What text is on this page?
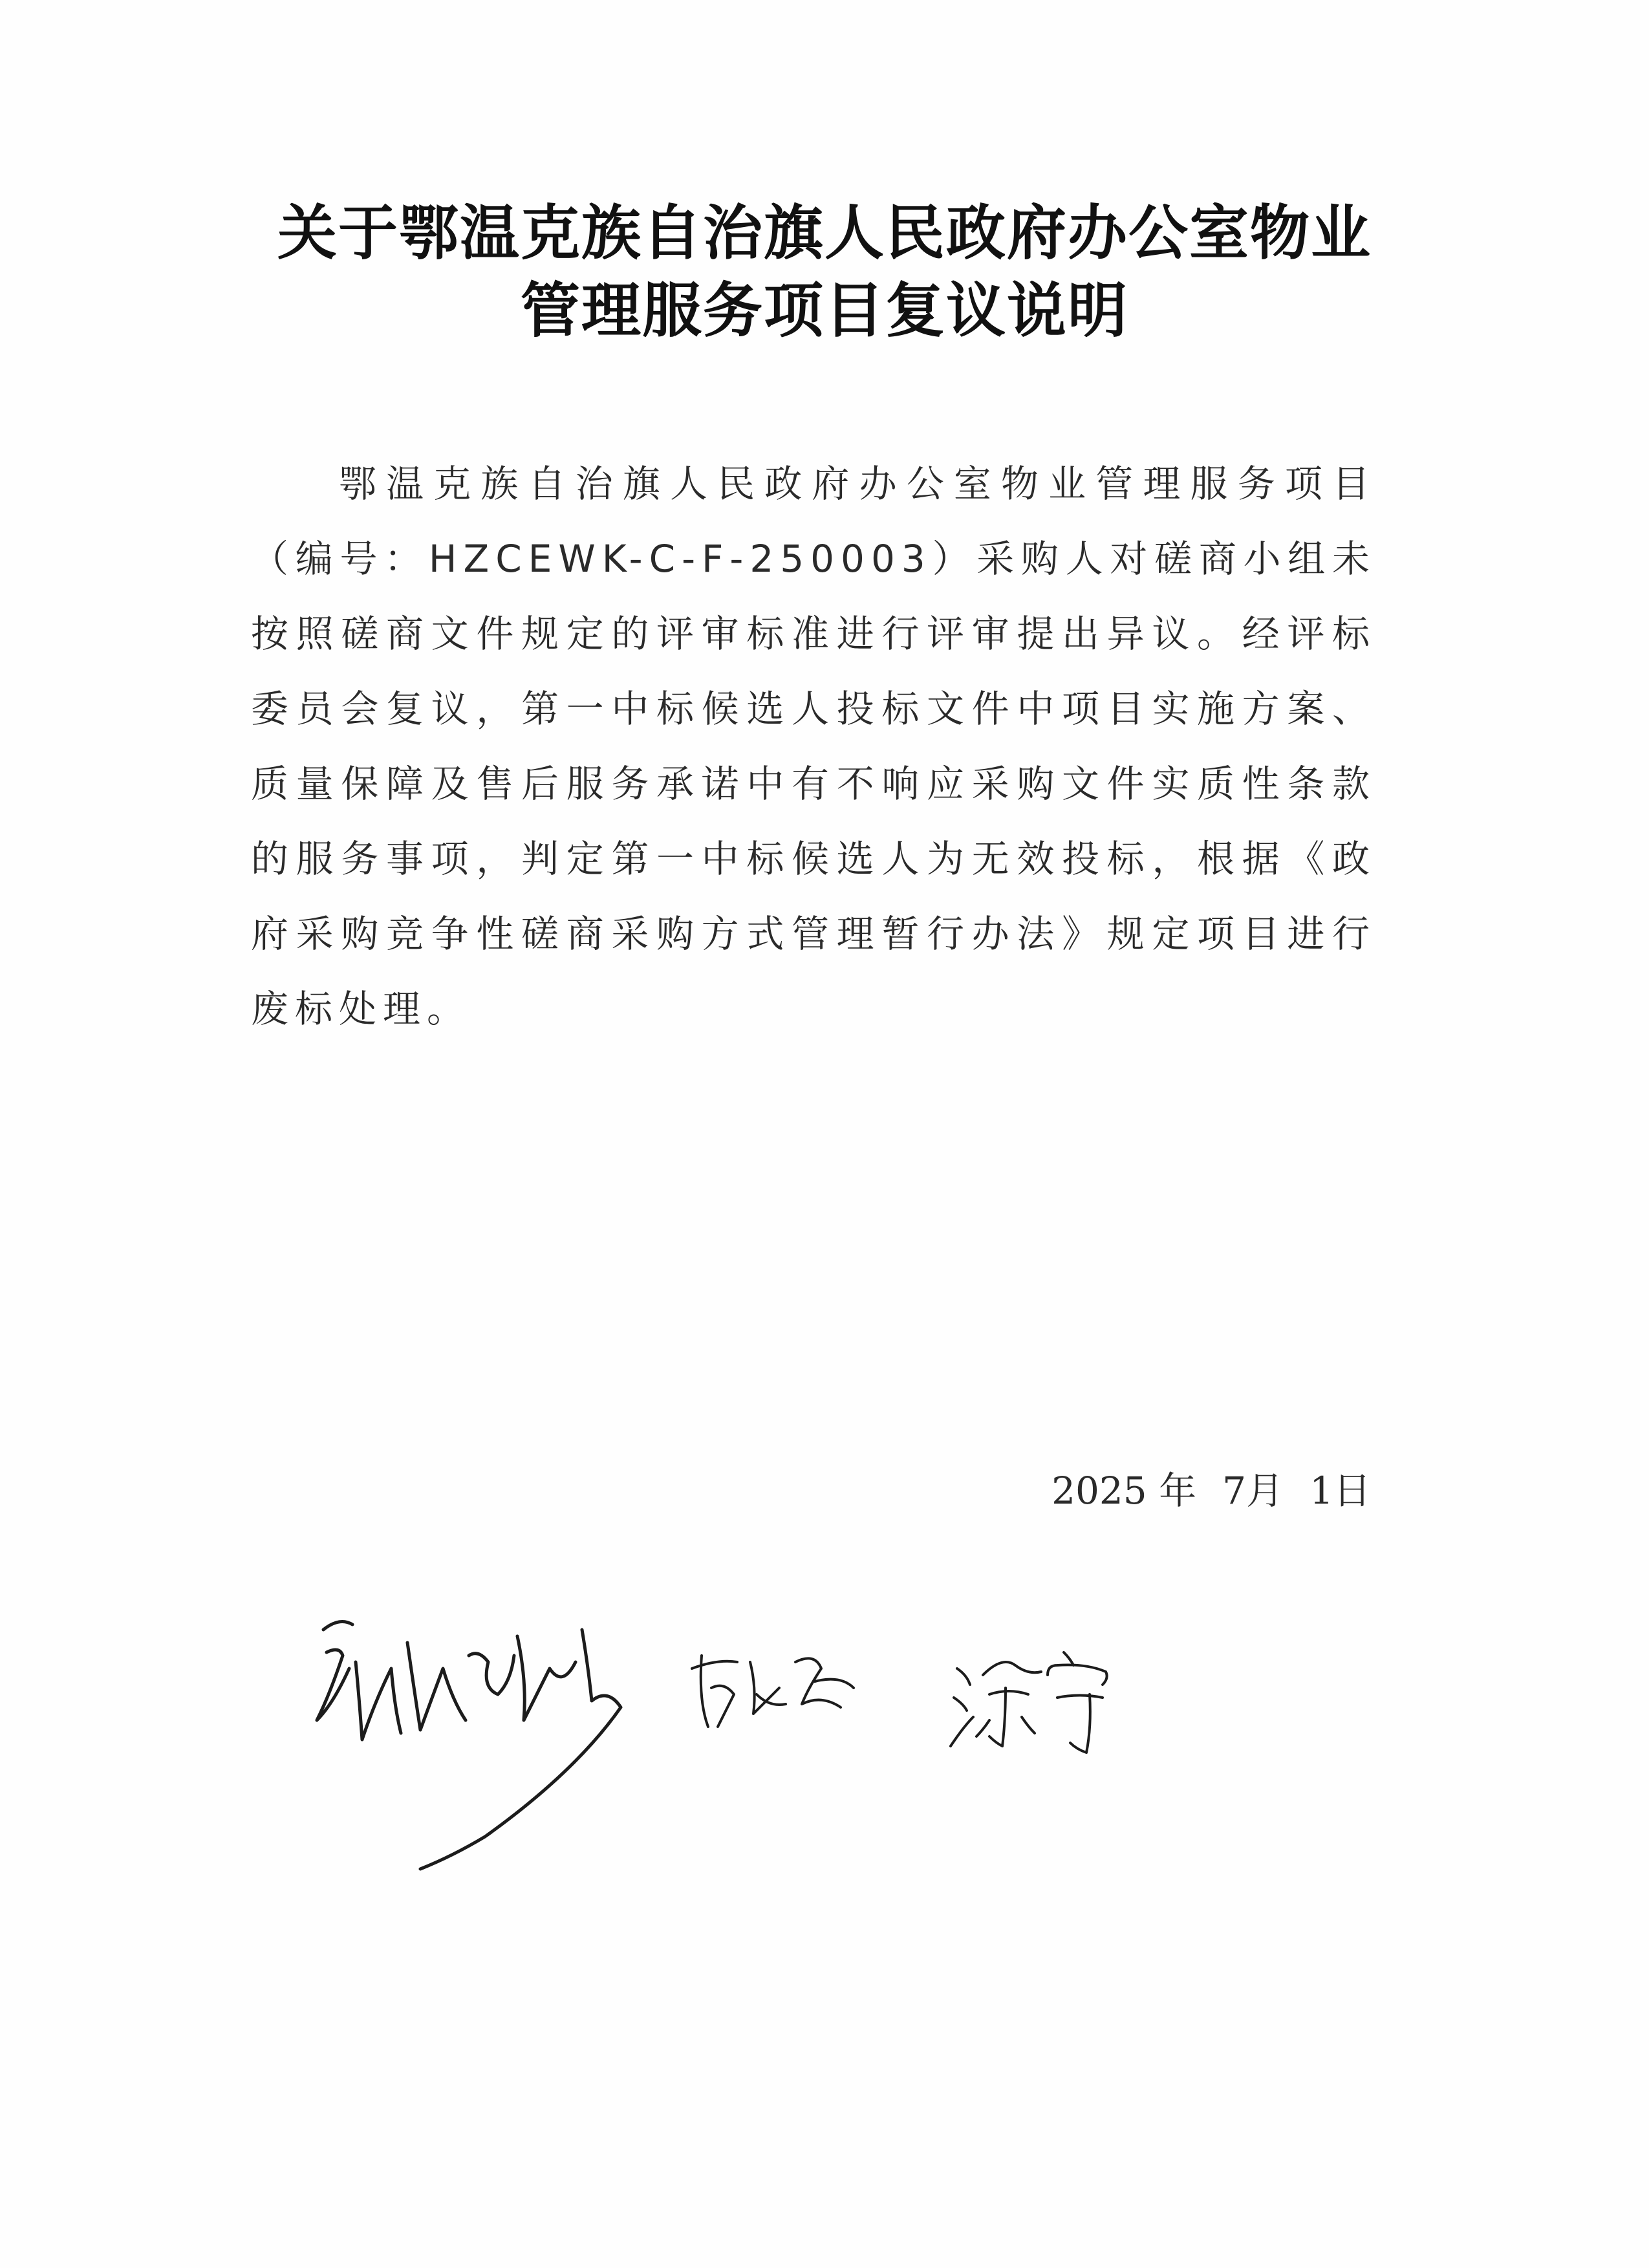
关于鄂温克族自治旗人民政府办公室物业
管理服务项目复议说明

鄂温克族自治旗人民政府办公室物业管理服务项目（编号：HZCEWK-C-F-250003）采购人对磋商小组未按照磋商文件规定的评审标准进行评审提出异议。经评标委员会复议，第一中标候选人投标文件中项目实施方案、质量保障及售后服务承诺中有不响应采购文件实质性条款的服务事项，判定第一中标候选人为无效投标，根据《政府采购竞争性磋商采购方式管理暂行办法》规定项目进行废标处理。

2025 年 7月 1日
